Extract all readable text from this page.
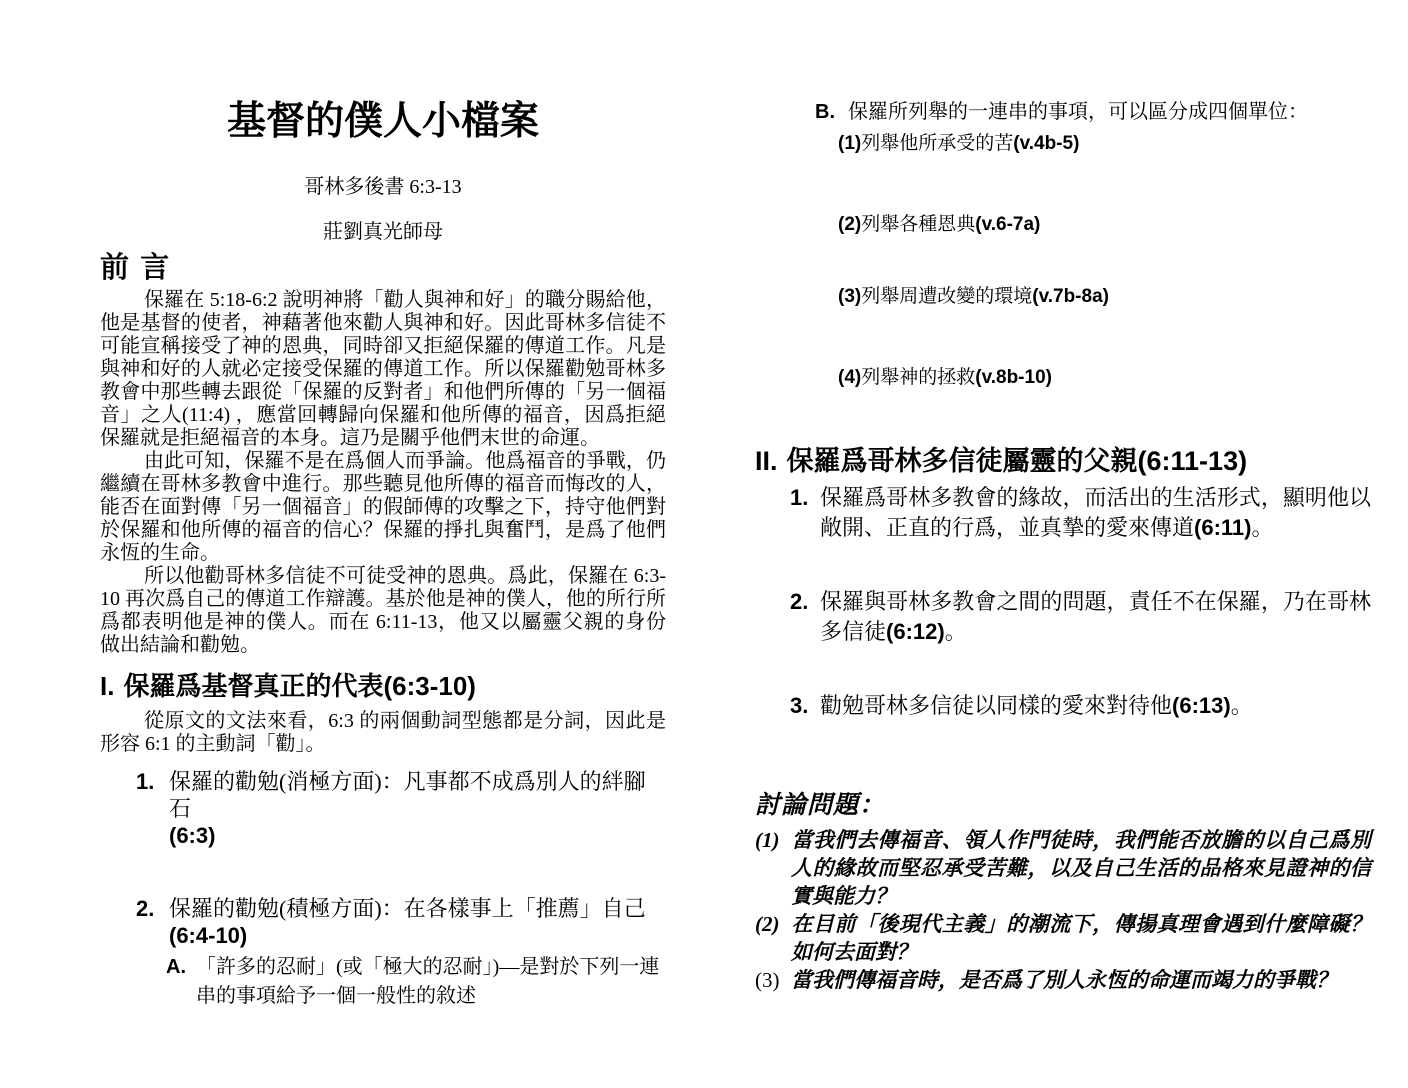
基督的僕人小檔案
哥林多後書 6:3-13
莊劉真光師母
前 言

保羅在 5:18-6:2 說明神將「勸人與神和好」的職分賜給他，他是基督的使者，神藉著他來勸人與神和好。因此哥林多信徒不可能宣稱接受了神的恩典，同時卻又拒絕保羅的傳道工作。凡是與神和好的人就必定接受保羅的傳道工作。所以保羅勸勉哥林多教會中那些轉去跟從「保羅的反對者」和他們所傳的「另一個福音」之人(11:4) ，應當回轉歸向保羅和他所傳的福音，因爲拒絕保羅就是拒絕福音的本身。這乃是關乎他們末世的命運。

由此可知，保羅不是在爲個人而爭論。他爲福音的爭戰，仍繼續在哥林多教會中進行。那些聽見他所傳的福音而悔改的人，能否在面對傳「另一個福音」的假師傅的攻擊之下，持守他們對於保羅和他所傳的福音的信心？保羅的掙扎與奮鬥，是爲了他們永恆的生命。

所以他勸哥林多信徒不可徒受神的恩典。爲此，保羅在 6:3-10 再次爲自己的傳道工作辯護。基於他是神的僕人，他的所行所爲都表明他是神的僕人。而在 6:11-13，他又以屬靈父親的身份做出結論和勸勉。

I. 保羅爲基督真正的代表(6:3-10)

從原文的文法來看，6:3 的兩個動詞型態都是分詞，因此是形容 6:1 的主動詞「勸」。

1. 保羅的勸勉(消極方面)：凡事都不成爲別人的絆腳石
(6:3)
2. 保羅的勸勉(積極方面)：在各樣事上「推薦」自己
(6:4-10)
A. 「許多的忍耐」(或「極大的忍耐」)—是對於下列一連串的事項給予一個一般性的敘述
B. 保羅所列舉的一連串的事項，可以區分成四個單位：
(1)列舉他所承受的苦(v.4b-5)
(2)列舉各種恩典(v.6-7a)
(3)列舉周遭改變的環境(v.7b-8a)
(4)列舉神的拯救(v.8b-10)
II. 保羅爲哥林多信徒屬靈的父親(6:11-13)
1. 保羅爲哥林多教會的緣故，而活出的生活形式，顯明他以敞開、正直的行爲，並真摯的愛來傳道(6:11)。
2. 保羅與哥林多教會之間的問題，責任不在保羅，乃在哥林多信徒(6:12)。
3. 勸勉哥林多信徒以同樣的愛來對待他(6:13)。
討論問題：
(1) 當我們去傳福音、領人作門徒時，我們能否放膽的以自己爲別人的緣故而堅忍承受苦難，以及自己生活的品格來見證神的信實與能力？
(2) 在目前「後現代主義」的潮流下，傳揚真理會遇到什麼障礙？如何去面對？
(3) 當我們傳福音時，是否爲了別人永恆的命運而竭力的爭戰？
